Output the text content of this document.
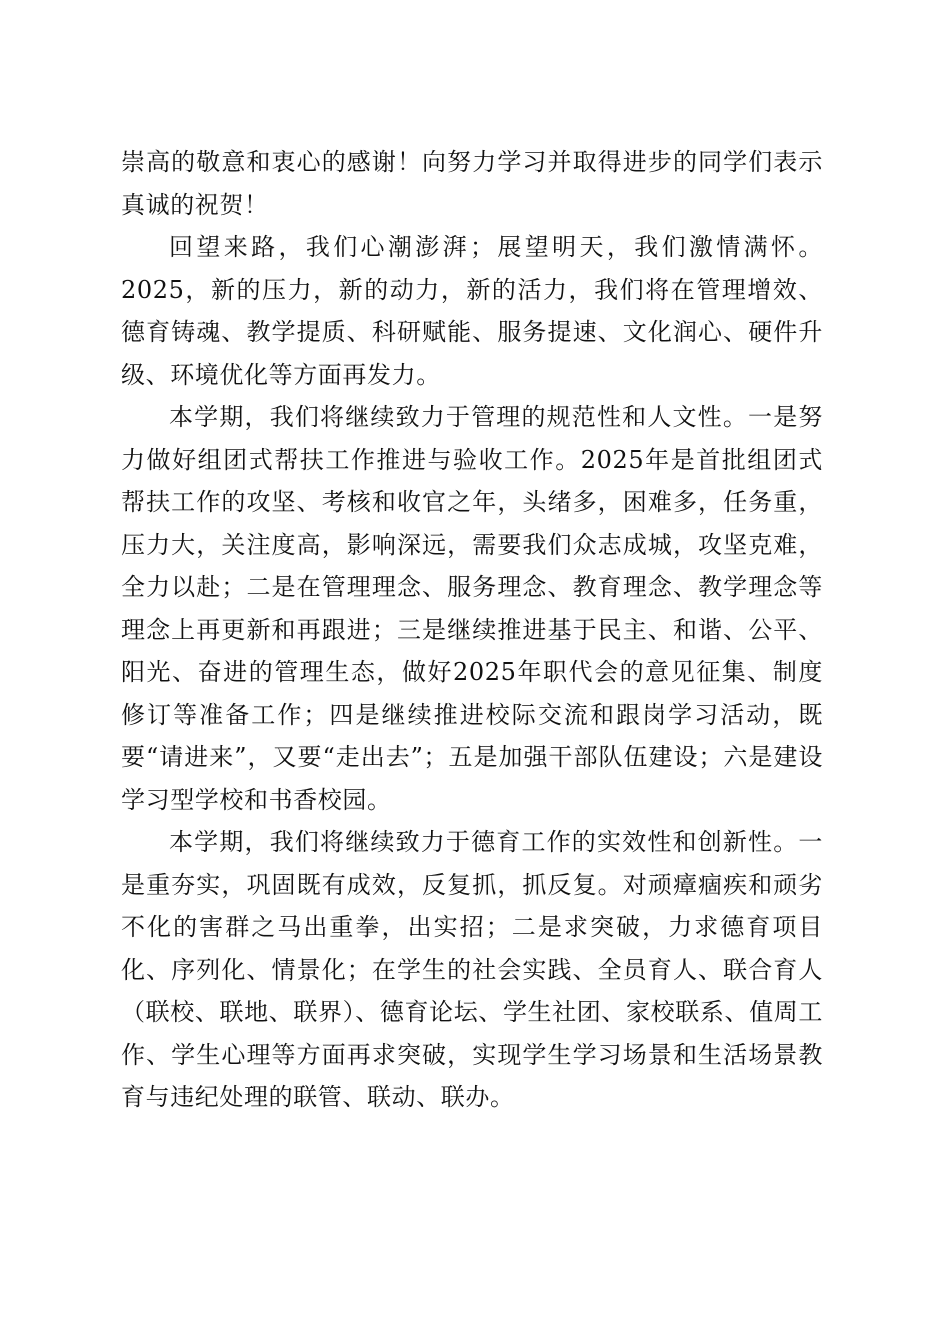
崇高的敬意和衷心的感谢！向努力学习并取得进步的同学们表示真诚的祝贺！

回望来路，我们心潮澎湃；展望明天，我们激情满怀。2025，新的压力，新的动力，新的活力，我们将在管理增效、德育铸魂、教学提质、科研赋能、服务提速、文化润心、硬件升级、环境优化等方面再发力。

本学期，我们将继续致力于管理的规范性和人文性。一是努力做好组团式帮扶工作推进与验收工作。2025年是首批组团式帮扶工作的攻坚、考核和收官之年，头绪多，困难多，任务重，压力大，关注度高，影响深远，需要我们众志成城，攻坚克难，全力以赴；二是在管理理念、服务理念、教育理念、教学理念等理念上再更新和再跟进；三是继续推进基于民主、和谐、公平、阳光、奋进的管理生态，做好2025年职代会的意见征集、制度修订等准备工作；四是继续推进校际交流和跟岗学习活动，既要“请进来”，又要“走出去”；五是加强干部队伍建设；六是建设学习型学校和书香校园。

本学期，我们将继续致力于德育工作的实效性和创新性。一是重夯实，巩固既有成效，反复抓，抓反复。对顽瘴痼疾和顽劣不化的害群之马出重拳，出实招；二是求突破，力求德育项目化、序列化、情景化；在学生的社会实践、全员育人、联合育人（联校、联地、联界）、德育论坛、学生社团、家校联系、值周工作、学生心理等方面再求突破，实现学生学习场景和生活场景教育与违纪处理的联管、联动、联办。
